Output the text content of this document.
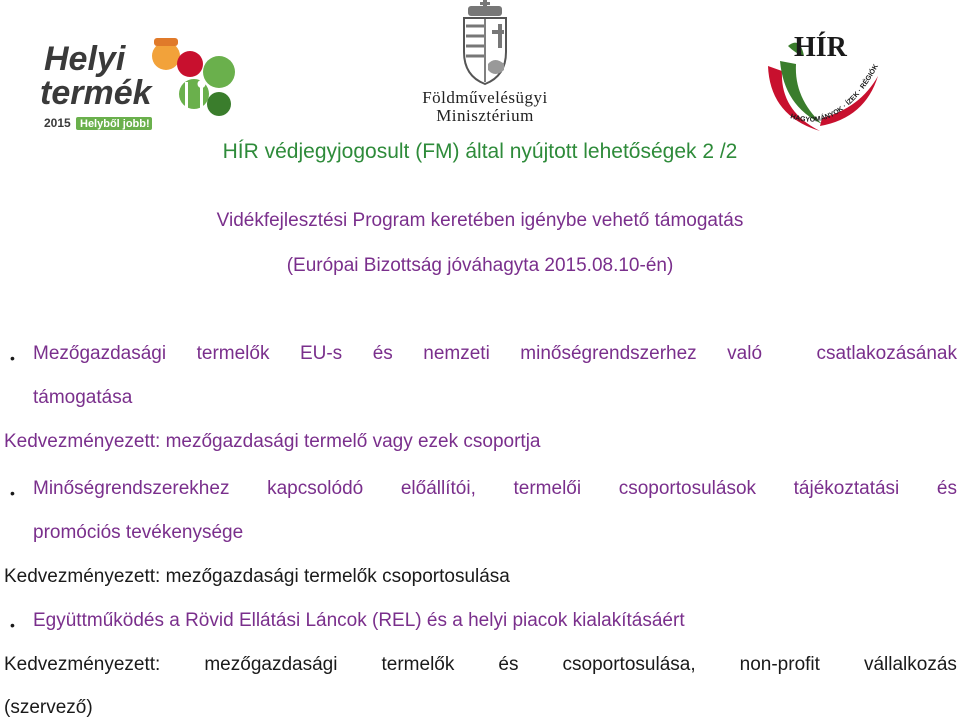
Helyi
termék
2015 Helyből jobb!
Földművelésügyi
Minisztérium
HÍR
HAGYOMÁNYOK · ÍZEK · RÉGIÓK
HÍR védjegyjogosult (FM) által nyújtott lehetőségek 2 /2
Vidékfejlesztési Program keretében igénybe vehető támogatás
(Európai Bizottság jóváhagyta 2015.08.10-én)
• Mezőgazdasági termelők EU-s és nemzeti minőségrendszerhez való	csatlakozásának
támogatása
Kedvezményezett: mezőgazdasági termelő vagy ezek csoportja
• Minőségrendszerekhez kapcsolódó előállítói, termelői csoportosulások tájékoztatási és
promóciós tevékenysége
Kedvezményezett: mezőgazdasági termelők csoportosulása
• Együttműködés a Rövid Ellátási Láncok (REL) és a helyi piacok kialakításáért
Kedvezményezett: mezőgazdasági termelők és csoportosulása, non-profit vállalkozás
(szervező)
